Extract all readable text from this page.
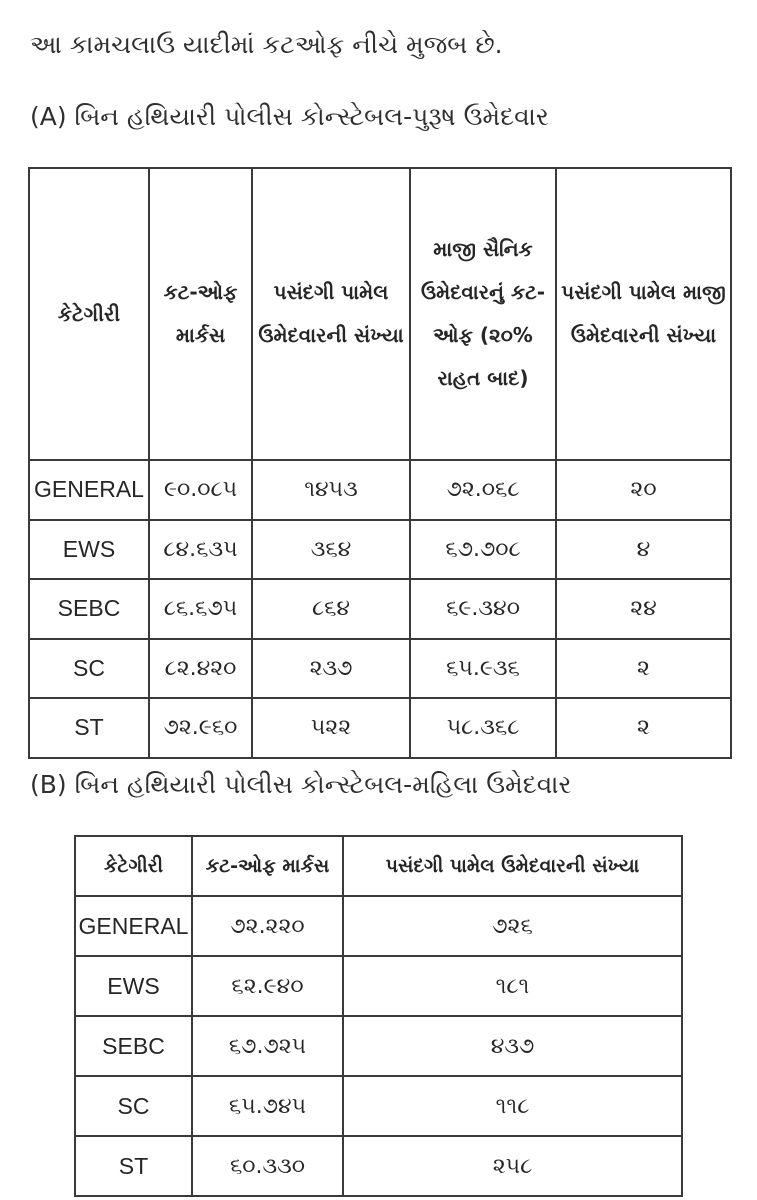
આ કામચલાઉ યાદીમાં કટઓફ નીચે મુજબ છે.

(A) બિન હથિયારી પોલીસ કોન્સ્ટેબલ-પુરૂષ ઉમેદવાર
કેટેગીરી	કટ-ઓફ માર્કસ	પસંદગી પામેલ ઉમેદવારની સંખ્યા	માજી સૈનિક ઉમેદવારનું કટ-ઓફ (૨૦% રાહત બાદ)	પસંદગી પામેલ માજી ઉમેદવારની સંખ્યા
GENERAL	૯૦.૦૮૫	૧૪૫૩	૭૨.૦૬૮	૨૦
EWS	૮૪.૬૩૫	૩૬૪	૬૭.૭૦૮	૪
SEBC	૮૬.૬૭૫	૮૬૪	૬૯.૩૪૦	૨૪
SC	૮૨.૪૨૦	૨૩૭	૬૫.૯૩૬	૨
ST	૭૨.૯૬૦	૫૨૨	૫૮.૩૬૮	૨
(B) બિન હથિયારી પોલીસ કોન્સ્ટેબલ-મહિલા ઉમેદવાર
કેટેગીરી	કટ-ઓફ માર્કસ	પસંદગી પામેલ ઉમેદવારની સંખ્યા
GENERAL	૭૨.૨૨૦	૭૨૬
EWS	૬૨.૯૪૦	૧૮૧
SEBC	૬૭.૭૨૫	૪૩૭
SC	૬૫.૭૪૫	૧૧૮
ST	૬૦.૩૩૦	૨૫૮
